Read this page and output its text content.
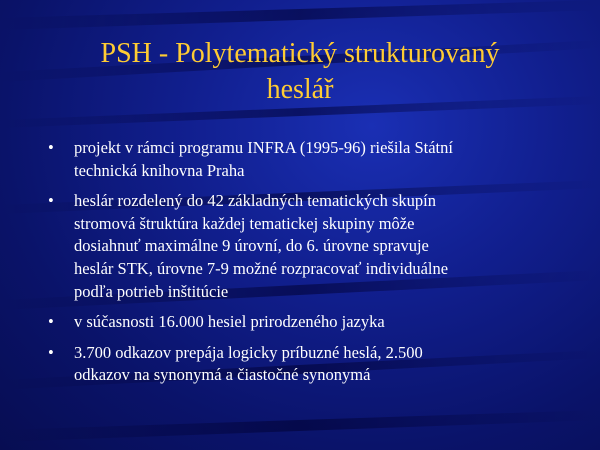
PSH - Polytematický strukturovaný
heslář
• projekt v rámci programu INFRA (1995-96) riešila Státní
technická knihovna Praha
• heslár rozdelený do 42 základných tematických skupín
stromová štruktúra každej tematickej skupiny môže
dosiahnuť maximálne 9 úrovní, do 6. úrovne spravuje
heslár STK, úrovne 7-9 možné rozpracovať individuálne
podľa potrieb inštitúcie
• v súčasnosti 16.000 hesiel prirodzeného jazyka
• 3.700 odkazov prepája logicky príbuzné heslá, 2.500
odkazov na synonymá a čiastočné synonymá
